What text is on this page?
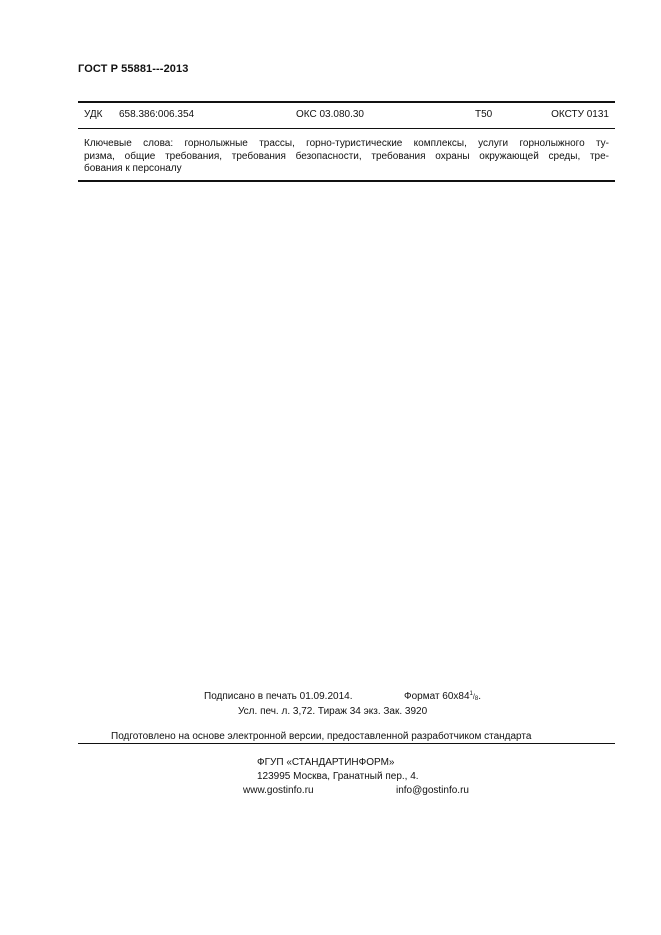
ГОСТ Р 55881---2013
УДК 658.386:006.354	ОКС 03.080.30	T50	ОКСТУ 0131
Ключевые слова: горнолыжные трассы, горно-туристические комплексы, услуги горнолыжного ту-
ризма, общие требования, требования безопасности, требования охраны окружающей среды, тре-
бования к персоналу
Подписано в печать 01.09.2014.	Формат $60x84^1/_8$.
Усл. печ. л. 3,72. Тираж 34 экз. Зак. 3920
Подготовлено на основе электронной версии, предоставленной разработчиком стандарта
ФГУП «СТАНДАРТИНФОРМ»
123995 Москва, Гранатный пер., 4.
www.gostinfo.ru	info@gostinfo.ru
